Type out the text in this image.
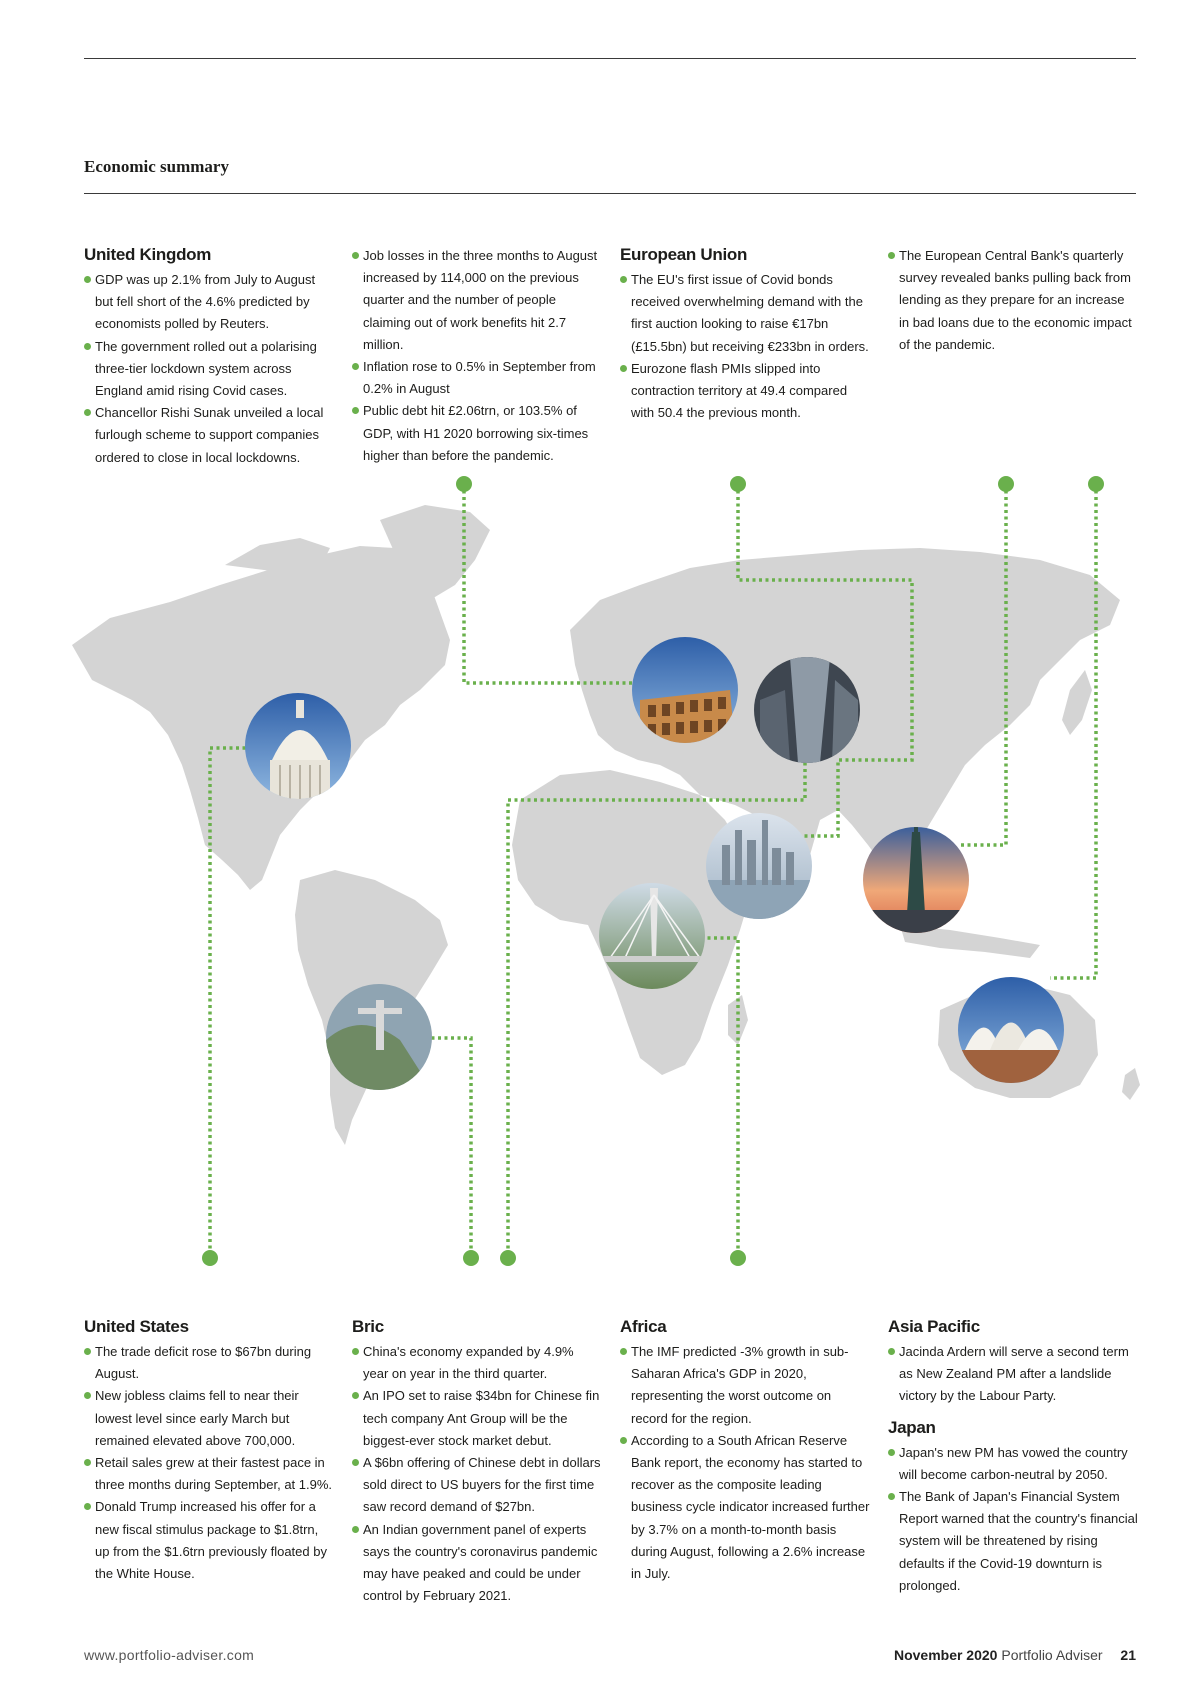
Economic summary
United Kingdom
GDP was up 2.1% from July to August but fell short of the 4.6% predicted by economists polled by Reuters.
The government rolled out a polarising three-tier lockdown system across England amid rising Covid cases.
Chancellor Rishi Sunak unveiled a local furlough scheme to support companies ordered to close in local lockdowns.
Job losses in the three months to August increased by 114,000 on the previous quarter and the number of people claiming out of work benefits hit 2.7 million.
Inflation rose to 0.5% in September from 0.2% in August
Public debt hit £2.06trn, or 103.5% of GDP, with H1 2020 borrowing six-times higher than before the pandemic.
European Union
The EU's first issue of Covid bonds received overwhelming demand with the first auction looking to raise €17bn (£15.5bn) but receiving €233bn in orders.
Eurozone flash PMIs slipped into contraction territory at 49.4 compared with 50.4 the previous month.
The European Central Bank's quarterly survey revealed banks pulling back from lending as they prepare for an increase in bad loans due to the economic impact of the pandemic.
United States
The trade deficit rose to $67bn during August.
New jobless claims fell to near their lowest level since early March but remained elevated above 700,000.
Retail sales grew at their fastest pace in three months during September, at 1.9%.
Donald Trump increased his offer for a new fiscal stimulus package to $1.8trn, up from the $1.6trn previously floated by the White House.
Bric
China's economy expanded by 4.9% year on year in the third quarter.
An IPO set to raise $34bn for Chinese fin tech company Ant Group will be the biggest-ever stock market debut.
A $6bn offering of Chinese debt in dollars sold direct to US buyers for the first time saw record demand of $27bn.
An Indian government panel of experts says the country's coronavirus pandemic may have peaked and could be under control by February 2021.
Africa
The IMF predicted -3% growth in sub-Saharan Africa's GDP in 2020, representing the worst outcome on record for the region.
According to a South African Reserve Bank report, the economy has started to recover as the composite leading business cycle indicator increased further by 3.7% on a month-to-month basis during August, following a 2.6% increase in July.
Asia Pacific
Jacinda Ardern will serve a second term as New Zealand PM after a landslide victory by the Labour Party.
Japan
Japan's new PM has vowed the country will become carbon-neutral by 2050.
The Bank of Japan's Financial System Report warned that the country's financial system will be threatened by rising defaults if the Covid-19 downturn is prolonged.
www.portfolio-adviser.com	November 2020 Portfolio Adviser 21
